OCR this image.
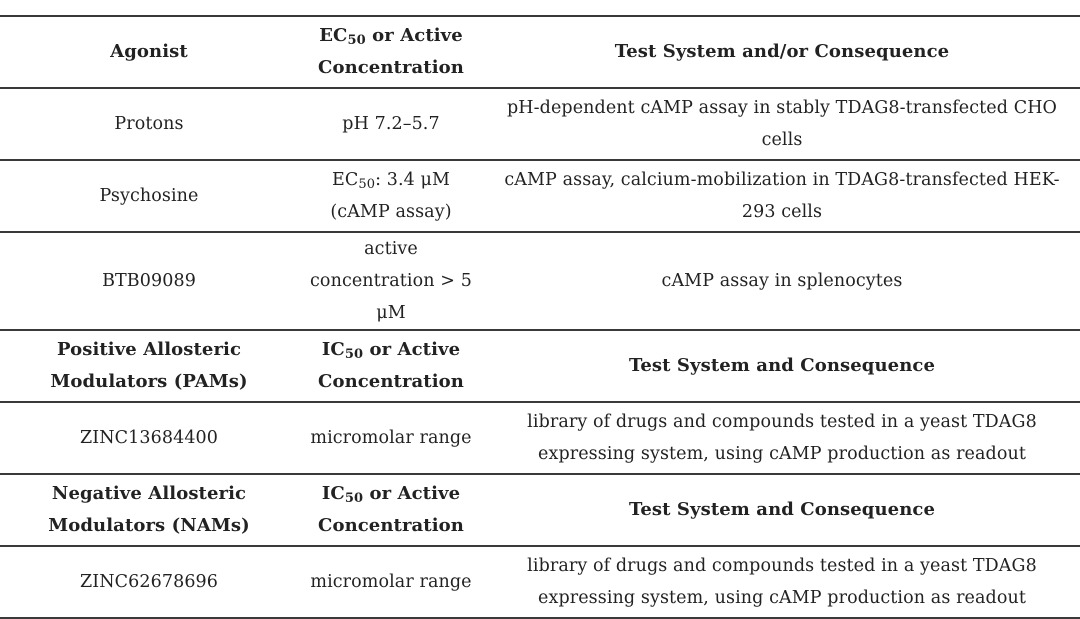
Agonist	$EC_{50}$ or Active Concentration	Test System and/or Consequence
Protons	pH 7.2–5.7	pH-dependent cAMP assay in stably TDAG8-transfected CHO cells
Psychosine	$EC_{50}$: 3.4 μM (cAMP assay)	cAMP assay, calcium-mobilization in TDAG8-transfected HEK-293 cells
BTB09089	active concentration > 5 μM	cAMP assay in splenocytes
Positive Allosteric Modulators (PAMs)	$IC_{50}$ or Active Concentration	Test System and Consequence
ZINC13684400	micromolar range	library of drugs and compounds tested in a yeast TDAG8 expressing system, using cAMP production as readout
Negative Allosteric Modulators (NAMs)	$IC_{50}$ or Active Concentration	Test System and Consequence
ZINC62678696	micromolar range	library of drugs and compounds tested in a yeast TDAG8 expressing system, using cAMP production as readout
